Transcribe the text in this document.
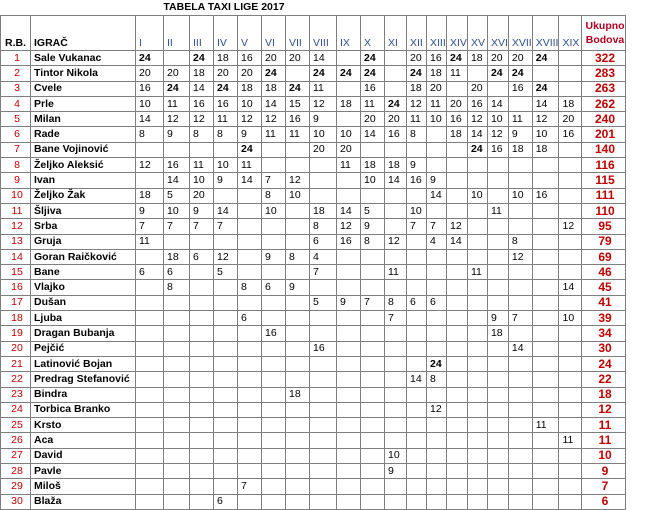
		TABELA TAXI LIGE 2017																			
R.B.	IGRAČ	I	II	III	IV	V	VI	VII	VIII	IX	X	XI	XII	XIII	XIV	XV	XVI	XVII	XVIII	XIX	Ukupno
Bodova

1	Sale Vukanac	24		24	18	16	20	20	14		24		20	16	24	18	20	20	24		322
2	Tintor Nikola	20	20	18	20	20	24		24	24	24		24	18	11		24	24			283
3	Cvele	16	24	14	24	18	18	24	11		16		18	20		20		16	24		263
4	Prle	10	11	16	16	10	14	15	12	18	11	24	12	11	20	16	14		14	18	262
5	Milan	14	12	12	11	12	12	16	9		20	20	11	10	16	12	10	11	12	20	240
6	Rade	8	9	8	8	9	11	11	10	10	14	16	8		18	14	12	9	10	16	201
7	Bane Vojinović					24			20	20						24	16	18	18		140
8	Željko Aleksić	12	16	11	10	11				11	18	18	9								116
9	Ivan		14	10	9	14	7	12			10	14	16	9							115
10	Željko Žak	18	5	20			8	10						14		10		10	16		111
11	Šljiva	9	10	9	14		10		18	14	5		10				11				110
12	Srba	7	7	7	7				8	12	9		7	7	12					12	95
13	Gruja	11							6	16	8	12		4	14			8			79
14	Goran Raičković		18	6	12		9	8	4									12			69
15	Bane	6	6		5				7			11				11					46
16	Vlajko		8			8	6	9												14	45
17	Dušan								5	9	7	8	6	6							41
18	Ljuba					6						7					9	7		10	39
19	Dragan Bubanja						16										18				34
20	Pejčić								16									14			30
21	Latinović Bojan													24							24
22	Predrag Stefanović												14	8							22
23	Bindra							18													18
24	Torbica Branko													12							12
25	Krsto																		11		11
26	Aca																			11	11
27	David											10									10
28	Pavle											9									9
29	Miloš					7															7
30	Blaža				6																6
